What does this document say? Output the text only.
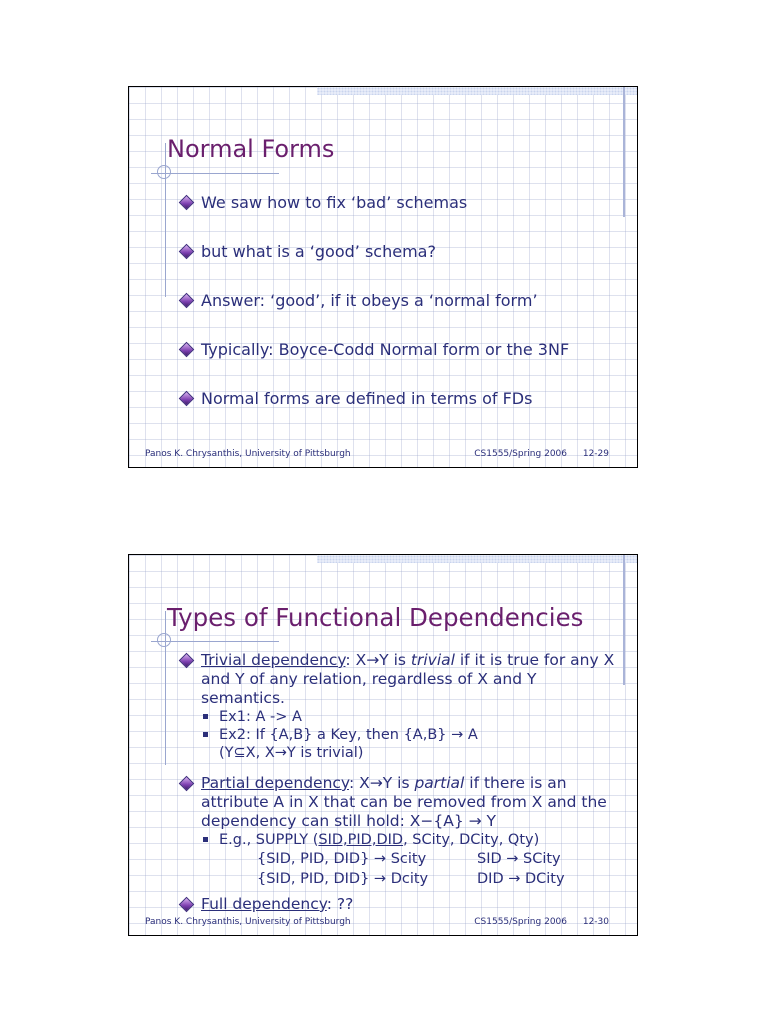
Normal Forms
We saw how to fix ‘bad’ schemas
but what is a ‘good’ schema?
Answer: ‘good’, if it obeys a ‘normal form’
Typically: Boyce-Codd Normal form or the 3NF
Normal forms are defined in terms of FDs
Panos K. Chrysanthis, University of Pittsburgh	CS1555/Spring 2006 12-29
Types of Functional Dependencies
Trivial dependency: X→Y is trivial if it is true for any X and Y of any relation, regardless of X and Y semantics.
Ex1: A -> A
Ex2: If {A,B} a Key, then {A,B} → A
(Y⊆X, X→Y is trivial)
Partial dependency: X→Y is partial if there is an attribute A in X that can be removed from X and the dependency can still hold: X−{A} → Y
E.g., SUPPLY (SID,PID,DID, SCity, DCity, Qty)
{SID, PID, DID} → Scity	SID → SCity
{SID, PID, DID} → Dcity	DID → DCity
Full dependency: ??
Panos K. Chrysanthis, University of Pittsburgh	CS1555/Spring 2006 12-30
